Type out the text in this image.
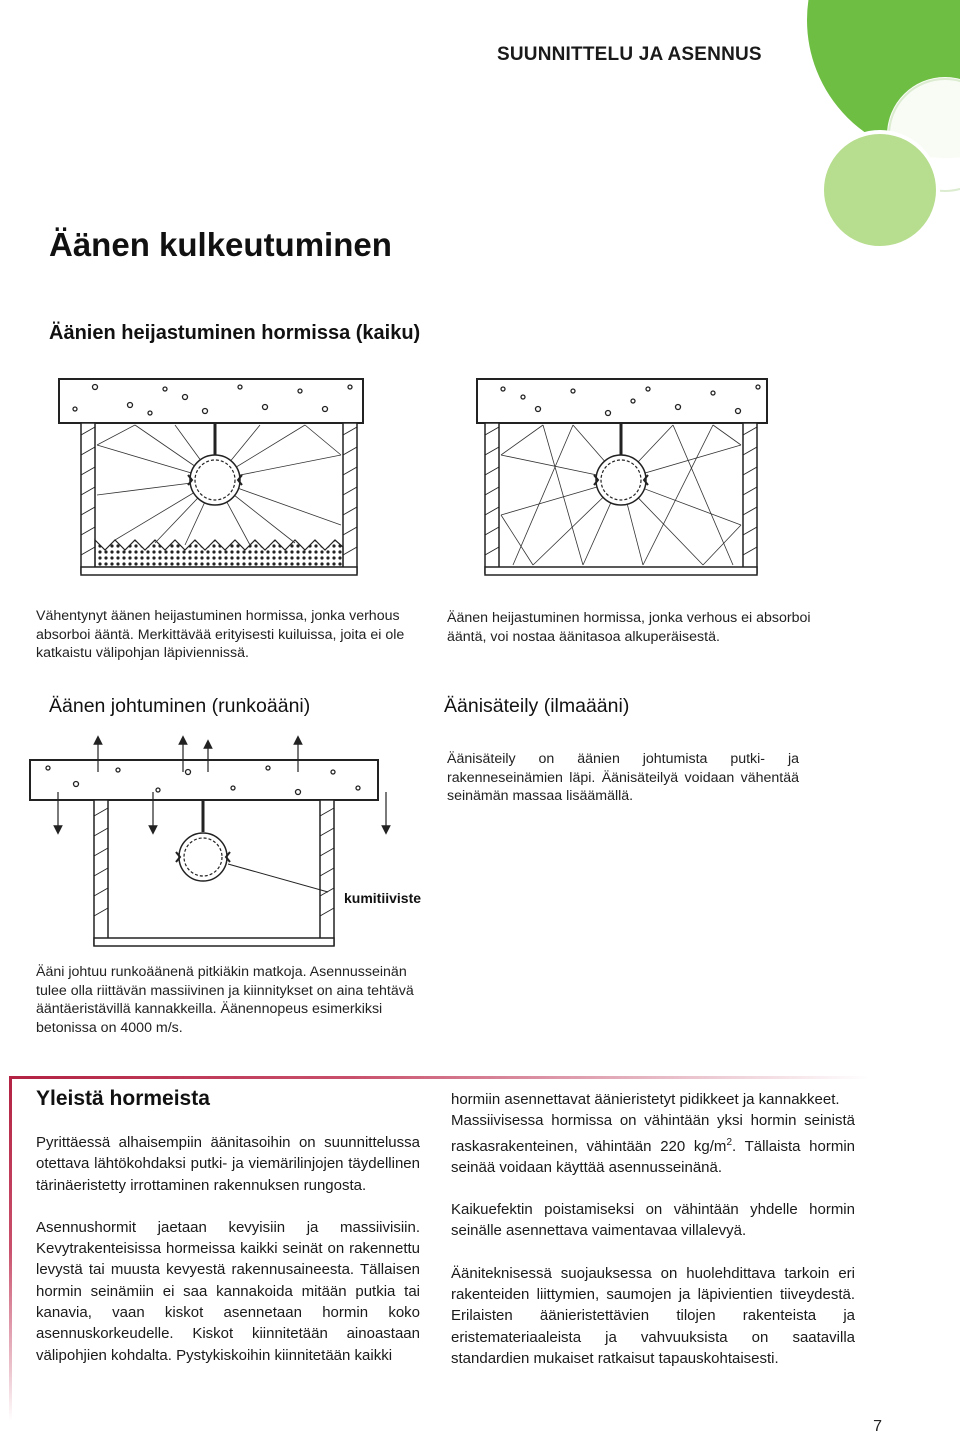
SUUNNITTELU JA ASENNUS
Äänen kulkeutuminen
Äänien heijastuminen hormissa (kaiku)
Vähentynyt äänen heijastuminen hormissa, jonka verhous absorboi ääntä. Merkittävää erityisesti kuiluissa, joita ei ole katkaistu välipohjan läpiviennissä.
Äänen heijastuminen hormissa, jonka verhous ei absorboi ääntä, voi nostaa äänitasoa alkuperäisestä.
Äänen johtuminen (runkoääni)	Äänisäteily (ilmaääni)
kumitiiviste
Ääni johtuu runkoäänenä pitkiäkin matkoja. Asennusseinän tulee olla riittävän massiivinen ja kiinnitykset on aina tehtävä ääntäeristävillä kannakkeilla. Äänennopeus esimerkiksi betonissa on 4000 m/s.
Äänisäteily on äänien johtumista putki- ja rakenneseinämien läpi. Äänisäteilyä voidaan vähentää seinämän massaa lisäämällä.
Yleistä hormeista

Pyrittäessä alhaisempiin äänitasoihin on suunnittelussa otettava lähtökohdaksi putki- ja viemärilinjojen täydellinen tärinäeristetty irrottaminen rakennuksen rungosta.

Asennushormit jaetaan kevyisiin ja massiivisiin. Kevytrakenteisissa hormeissa kaikki seinät on rakennettu levystä tai muusta kevyestä rakennusaineesta. Tällaisen hormin seinämiin ei saa kannakoida mitään putkia tai kanavia, vaan kiskot asennetaan hormin koko asennuskorkeudelle. Kiskot kiinnitetään ainoastaan välipohjien kohdalta. Pystykiskoihin kiinnitetään kaikki

hormiin asennettavat äänieristetyt pidikkeet ja kannakkeet.

Massiivisessa hormissa on vähintään yksi hormin seinistä raskasrakenteinen, vähintään 220 $kg/m^2$. Tällaista hormin seinää voidaan käyttää asennusseinänä.

Kaikuefektin poistamiseksi on vähintään yhdelle hormin seinälle asennettava vaimentavaa villalevyä.

Ääniteknisessä suojauksessa on huolehdittava tarkoin eri rakenteiden liittymien, saumojen ja läpivientien tiiveydestä. Erilaisten äänieristettävien tilojen rakenteista ja eristemateriaaleista ja vahvuuksista on saatavilla standardien mukaiset ratkaisut tapauskohtaisesti.

7
